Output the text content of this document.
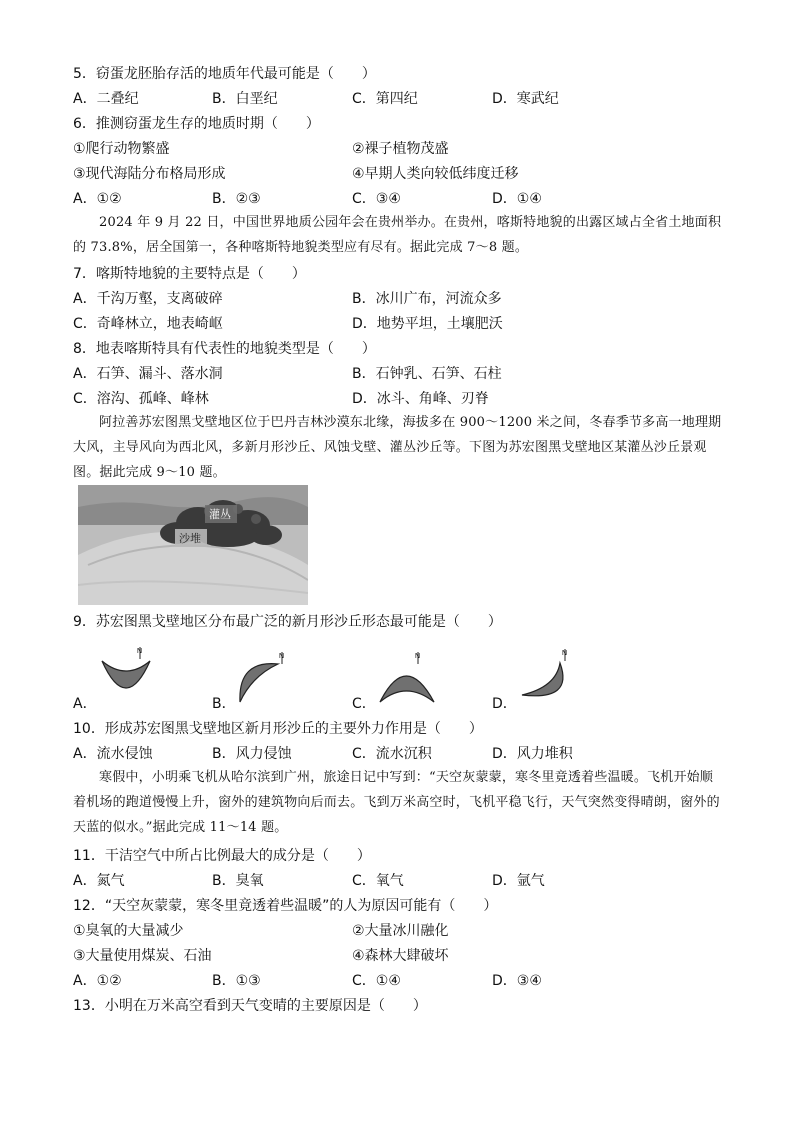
5．窃蛋龙胚胎存活的地质年代最可能是（　　）
A．二叠纪	B．白垩纪	C．第四纪	D．寒武纪
6．推测窃蛋龙生存的地质时期（　　）
①爬行动物繁盛	②裸子植物茂盛
③现代海陆分布格局形成	④早期人类向较低纬度迁移
A．①②	B．②③	C．③④	D．①④
2024 年 9 月 22 日，中国世界地质公园年会在贵州举办。在贵州，喀斯特地貌的出露区域占全省土地面积的 73.8%，居全国第一，各种喀斯特地貌类型应有尽有。据此完成 7～8 题。
7．喀斯特地貌的主要特点是（　　）
A．千沟万壑，支离破碎	B．冰川广布，河流众多
C．奇峰林立，地表崎岖	D．地势平坦，土壤肥沃
8．地表喀斯特具有代表性的地貌类型是（　　）
A．石笋、漏斗、落水洞	B．石钟乳、石笋、石柱
C．溶沟、孤峰、峰林	D．冰斗、角峰、刃脊
阿拉善苏宏图黑戈壁地区位于巴丹吉林沙漠东北缘，海拔多在 900～1200 米之间，冬春季节多高一地理期大风，主导风向为西北风，多新月形沙丘、风蚀戈壁、灌丛沙丘等。下图为苏宏图黑戈壁地区某灌丛沙丘景观图。据此完成 9～10 题。
灌丛
沙堆
9．苏宏图黑戈壁地区分布最广泛的新月形沙丘形态最可能是（　　）
A．
N
B．
N
C．
N
D．
N
10．形成苏宏图黑戈壁地区新月形沙丘的主要外力作用是（　　）
A．流水侵蚀	B．风力侵蚀	C．流水沉积	D．风力堆积
寒假中，小明乘飞机从哈尔滨到广州，旅途日记中写到：“天空灰蒙蒙，寒冬里竟透着些温暖。飞机开始顺着机场的跑道慢慢上升，窗外的建筑物向后而去。飞到万米高空时，飞机平稳飞行，天气突然变得晴朗，窗外的天蓝的似水。”据此完成 11～14 题。
11．干洁空气中所占比例最大的成分是（　　）
A．氮气	B．臭氧	C．氧气	D．氩气
12．“天空灰蒙蒙，寒冬里竟透着些温暖”的人为原因可能有（　　）
①臭氧的大量减少	②大量冰川融化
③大量使用煤炭、石油	④森林大肆破坏
A．①②	B．①③	C．①④	D．③④
13．小明在万米高空看到天气变晴的主要原因是（　　）
